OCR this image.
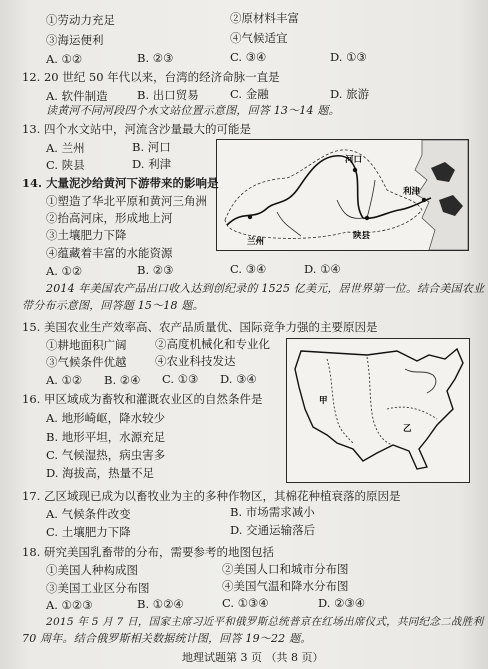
①劳动力充足	②原材料丰富
③海运便利	④气候适宜
A. ①②	B. ②③	C. ③④	D. ①③
12. 20 世纪 50 年代以来，台湾的经济命脉一直是
A. 软件制造	B. 出口贸易	C. 金融	D. 旅游
读黄河不同河段四个水文站位置示意图，回答 13～14 题。
13. 四个水文站中，河流含沙量最大的可能是
A. 兰州	B. 河口
C. 陕县	D. 利津
兰州
河口
利津
陕县
14. 大量泥沙给黄河下游带来的影响是
①塑造了华北平原和黄河三角洲
②抬高河床，形成地上河
③土壤肥力下降
④蕴藏着丰富的水能资源
A. ①②	B. ②③	C. ③④	D. ①④
2014 年美国农产品出口收入达到创纪录的 1525 亿美元，居世界第一位。结合美国农业
带分布示意图，回答题 15～18 题。
15. 美国农业生产效率高、农产品质量优、国际竞争力强的主要原因是
①耕地面积广阔 ②高度机械化和专业化
③气候条件优越 ④农业科技发达
A. ①② B. ②④ C. ①③ D. ③④
甲
乙
16. 甲区域成为畜牧和灌溉农业区的自然条件是
A. 地形崎岖，降水较少
B. 地形平坦，水源充足
C. 气候湿热，病虫害多
D. 海拔高，热量不足
17. 乙区域现已成为以畜牧业为主的多种作物区，其棉花种植衰落的原因是
A. 气候条件改变	B. 市场需求减小
C. 土壤肥力下降	D. 交通运输落后
18. 研究美国乳畜带的分布，需要参考的地图包括
①美国人种构成图	②美国人口和城市分布图
③美国工业区分布图	④美国气温和降水分布图
A. ①②③	B. ①②④	C. ①③④	D. ②③④
2015 年 5 月 7 日，国家主席习近平和俄罗斯总统普京在红场出席仪式，共同纪念二战胜利
70 周年。结合俄罗斯相关数据统计图，回答 19～22 题。
地理试题第 3 页 （共 8 页）
